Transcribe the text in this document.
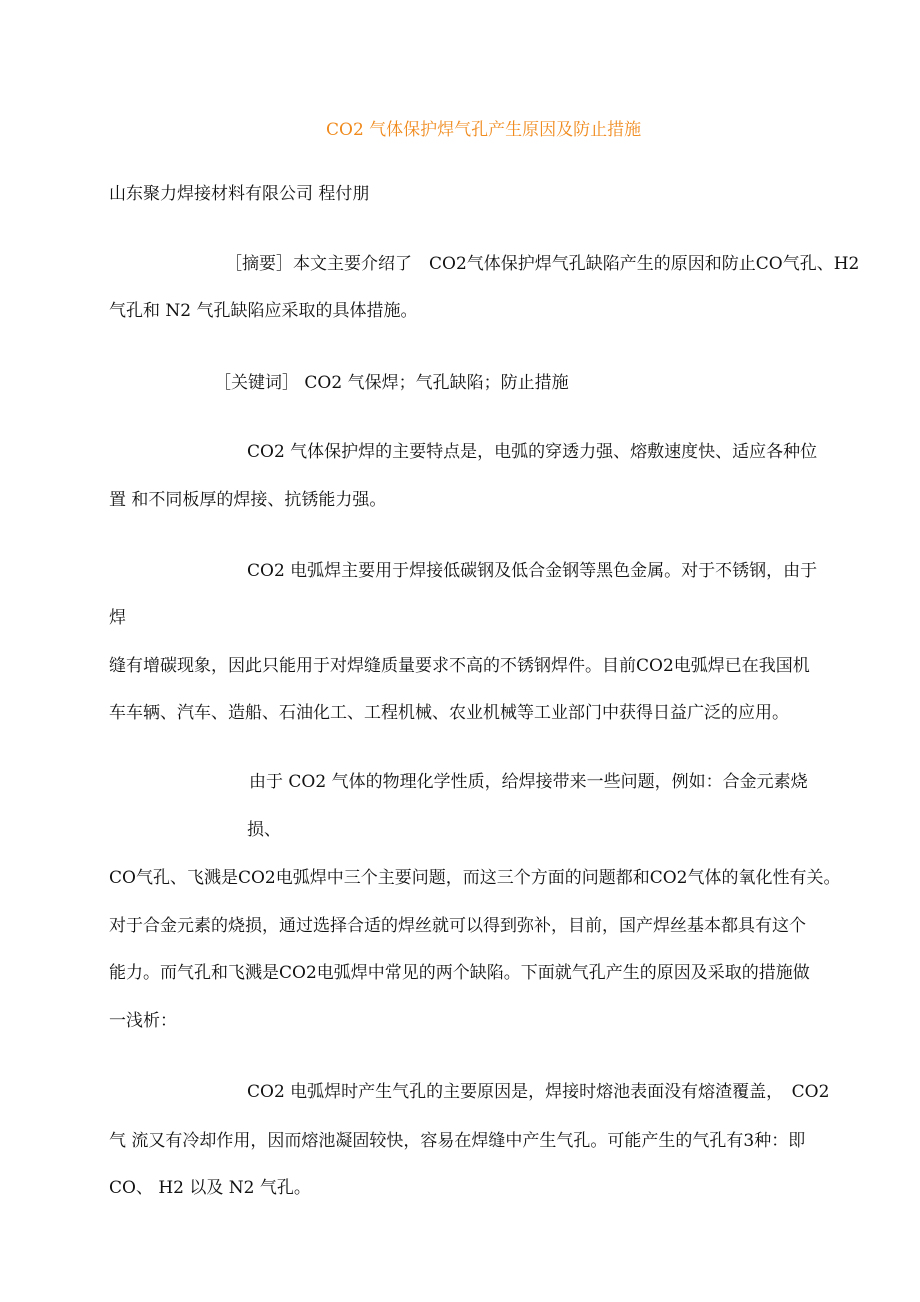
CO2 气体保护焊气孔产生原因及防止措施
山东聚力焊接材料有限公司 程付朋
［摘要］本文主要介绍了　CO2气体保护焊气孔缺陷产生的原因和防止CO气孔、H2
气孔和 N2 气孔缺陷应采取的具体措施。
［关键词］ CO2 气保焊；气孔缺陷；防止措施
CO2 气体保护焊的主要特点是，电弧的穿透力强、熔敷速度快、适应各种位
置 和不同板厚的焊接、抗锈能力强。
CO2 电弧焊主要用于焊接低碳钢及低合金钢等黑色金属。对于不锈钢，由于
焊
缝有增碳现象，因此只能用于对焊缝质量要求不高的不锈钢焊件。目前CO2电弧焊已在我国机
车车辆、汽车、造船、石油化工、工程机械、农业机械等工业部门中获得日益广泛的应用。
由于 CO2 气体的物理化学性质，给焊接带来一些问题，例如：合金元素烧
损、
CO气孔、飞溅是CO2电弧焊中三个主要问题，而这三个方面的问题都和CO2气体的氧化性有关。
对于合金元素的烧损，通过选择合适的焊丝就可以得到弥补，目前，国产焊丝基本都具有这个
能力。而气孔和飞溅是CO2电弧焊中常见的两个缺陷。下面就气孔产生的原因及采取的措施做
一浅析：
CO2 电弧焊时产生气孔的主要原因是，焊接时熔池表面没有熔渣覆盖，　CO2
气 流又有冷却作用，因而熔池凝固较快，容易在焊缝中产生气孔。可能产生的气孔有3种：即
CO、 H2 以及 N2 气孔。
